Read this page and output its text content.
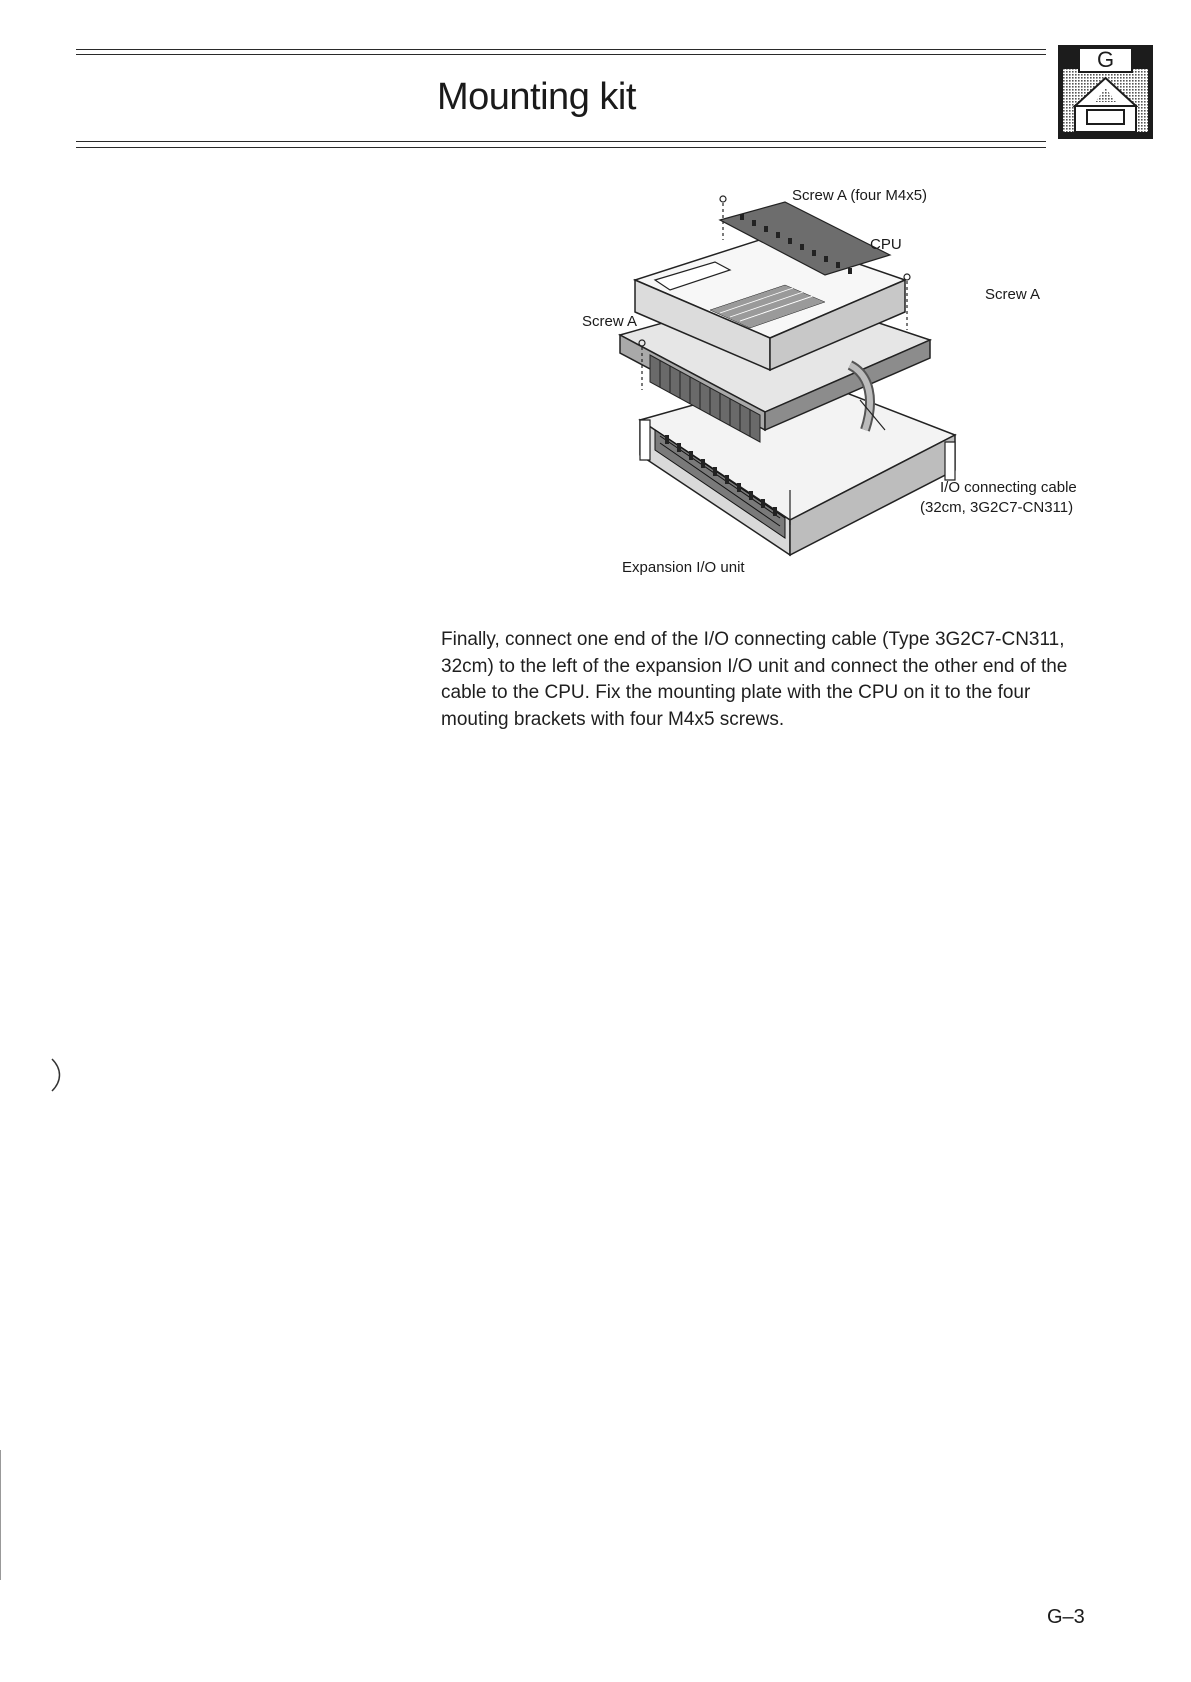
Mounting kit
G
Screw A (four M4x5)
CPU
Screw A
Screw A
I/O connecting cable
(32cm, 3G2C7-CN311)
Expansion I/O unit
Finally, connect one end of the I/O connecting cable (Type 3G2C7-CN311, 32cm) to the left of the expansion I/O unit and connect the other end of the cable to the CPU. Fix the mounting plate with the CPU on it to the four mouting brackets with four M4x5 screws.
G–3
